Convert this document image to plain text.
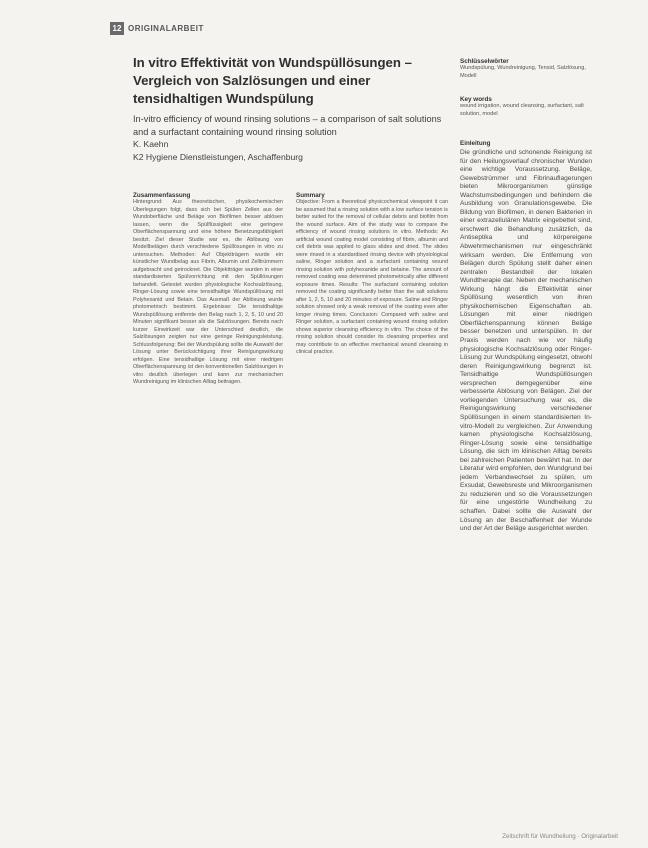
12 ORIGINALARBEIT
In vitro Effektivität von Wundspüllösungen – Vergleich von Salzlösungen und einer tensidhaltigen Wundspülung
In-vitro efficiency of wound rinsing solutions – a comparison of salt solutions and a surfactant containing wound rinsing solution
K. Kaehn
K2 Hygiene Dienstleistungen, Aschaffenburg
Schlüsselwörter
Wundspülung, Wundreinigung, Tensid, Salzlösung, Modell
Key words
wound irrigation, wound cleansing, surfactant, salt solution, model
Einleitung
Die gründliche und schonende Reinigung ist für den Heilungsverlauf chronischer Wunden eine wichtige Voraussetzung. Beläge, Gewebstrümmer und Fibrinauflagerungen bieten Mikroorganismen günstige Wachstumsbedingungen und behindern die Ausbildung von Granulationsgewebe. Die Bildung von Biofilmen, in denen Bakterien in einer extrazellulären Matrix eingebettet sind, erschwert die Behandlung zusätzlich, da Antiseptika und körpereigene Abwehrmechanismen nur eingeschränkt wirksam werden. Die Entfernung von Belägen durch Spülung stellt daher einen zentralen Bestandteil der lokalen Wundtherapie dar. Neben der mechanischen Wirkung hängt die Effektivität einer Spüllösung wesentlich von ihren physikochemischen Eigenschaften ab. Lösungen mit einer niedrigen Oberflächenspannung können Beläge besser benetzen und unterspülen. In der Praxis werden nach wie vor häufig physiologische Kochsalzlösung oder Ringer-Lösung zur Wundspülung eingesetzt, obwohl deren Reinigungswirkung begrenzt ist. Tensidhaltige Wundspüllösungen versprechen demgegenüber eine verbesserte Ablösung von Belägen. Ziel der vorliegenden Untersuchung war es, die Reinigungswirkung verschiedener Spüllösungen in einem standardisierten In-vitro-Modell zu vergleichen. Zur Anwendung kamen physiologische Kochsalzlösung, Ringer-Lösung sowie eine tensidhaltige Lösung, die sich im klinischen Alltag bereits bei zahlreichen Patienten bewährt hat. In der Literatur wird empfohlen, den Wundgrund bei jedem Verbandwechsel zu spülen, um Exsudat, Gewebsreste und Mikroorganismen zu reduzieren und so die Voraussetzungen für eine ungestörte Wundheilung zu schaffen. Dabei sollte die Auswahl der Lösung an der Beschaffenheit der Wunde und der Art der Beläge ausgerichtet werden.
Zusammenfassung
Hintergrund: Aus theoretischen, physikochemischen Überlegungen folgt, dass sich bei Spülen Zellen aus der Wundoberfläche und Beläge von Biofilmen besser ablösen lassen, wenn die Spülflüssigkeit eine geringere Oberflächenspannung und eine höhere Benetzungsfähigkeit besitzt. Ziel dieser Studie war es, die Ablösung von Modellbelägen durch verschiedene Spüllösungen in vitro zu untersuchen. Methoden: Auf Objektträgern wurde ein künstlicher Wundbelag aus Fibrin, Albumin und Zelltrümmern aufgebracht und getrocknet. Die Objektträger wurden in einer standardisierten Spülvorrichtung mit den Spüllösungen behandelt. Getestet wurden physiologische Kochsalzlösung, Ringer-Lösung sowie eine tensidhaltige Wundspüllösung mit Polyhexanid und Betain. Das Ausmaß der Ablösung wurde photometrisch bestimmt. Ergebnisse: Die tensidhaltige Wundspüllösung entfernte den Belag nach 1, 2, 5, 10 und 20 Minuten signifikant besser als die Salzlösungen. Bereits nach kurzer Einwirkzeit war der Unterschied deutlich, die Salzlösungen zeigten nur eine geringe Reinigungsleistung. Schlussfolgerung: Bei der Wundspülung sollte die Auswahl der Lösung unter Berücksichtigung ihrer Reinigungswirkung erfolgen. Eine tensidhaltige Lösung mit einer niedrigen Oberflächenspannung ist den konventionellen Salzlösungen in vitro deutlich überlegen und kann zur mechanischen Wundreinigung im klinischen Alltag beitragen.
Summary
Objective: From a theoretical physicochemical viewpoint it can be assumed that a rinsing solution with a low surface tension is better suited for the removal of cellular debris and biofilm from the wound surface. Aim of the study was to compare the efficiency of wound rinsing solutions in vitro. Methods: An artificial wound coating model consisting of fibrin, albumin and cell debris was applied to glass slides and dried. The slides were rinsed in a standardised rinsing device with physiological saline, Ringer solution and a surfactant containing wound rinsing solution with polyhexanide and betaine. The amount of removed coating was determined photometrically after different exposure times. Results: The surfactant containing solution removed the coating significantly better than the salt solutions after 1, 2, 5, 10 and 20 minutes of exposure. Saline and Ringer solution showed only a weak removal of the coating even after longer rinsing times. Conclusion: Compared with saline and Ringer solution, a surfactant containing wound rinsing solution shows superior cleansing efficiency in vitro. The choice of the rinsing solution should consider its cleansing properties and may contribute to an effective mechanical wound cleansing in clinical practice.
Zeitschrift für Wundheilung · Originalarbeit
